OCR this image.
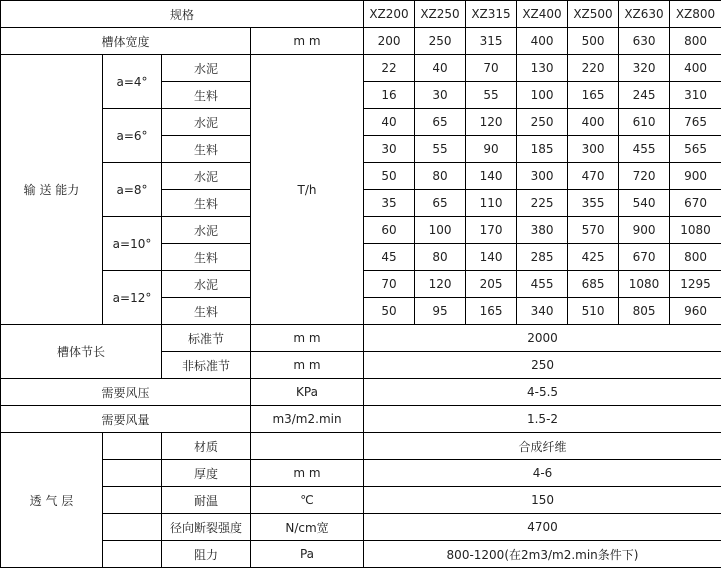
规格				XZ200	XZ250	XZ315	XZ400	XZ500	XZ630	XZ800
槽体宽度			m m	200	250	315	400	500	630	800
输 送 能力	a=4°	水泥	T/h	22	40	70	130	220	320	400
		生料		16	30	55	100	165	245	310
	a=6°	水泥		40	65	120	250	400	610	765
		生料		30	55	90	185	300	455	565
	a=8°	水泥		50	80	140	300	470	720	900
		生料		35	65	110	225	355	540	670
	a=10°	水泥		60	100	170	380	570	900	1080
		生料		45	80	140	285	425	670	800
	a=12°	水泥		70	120	205	455	685	1080	1295
		生料		50	95	165	340	510	805	960
槽体节长		标准节	m m	2000						
		非标准节	m m	250						
需要风压			KPa	4-5.5						
需要风量			m3/m2.min	1.5-2						
透 气 层		材质		合成纤维						
		厚度	m m	4-6						
		耐温	℃	150						
		径向断裂强度	N/cm宽	4700						
		阻力	Pa	800-1200(在2m3/m2.min条件下)						
